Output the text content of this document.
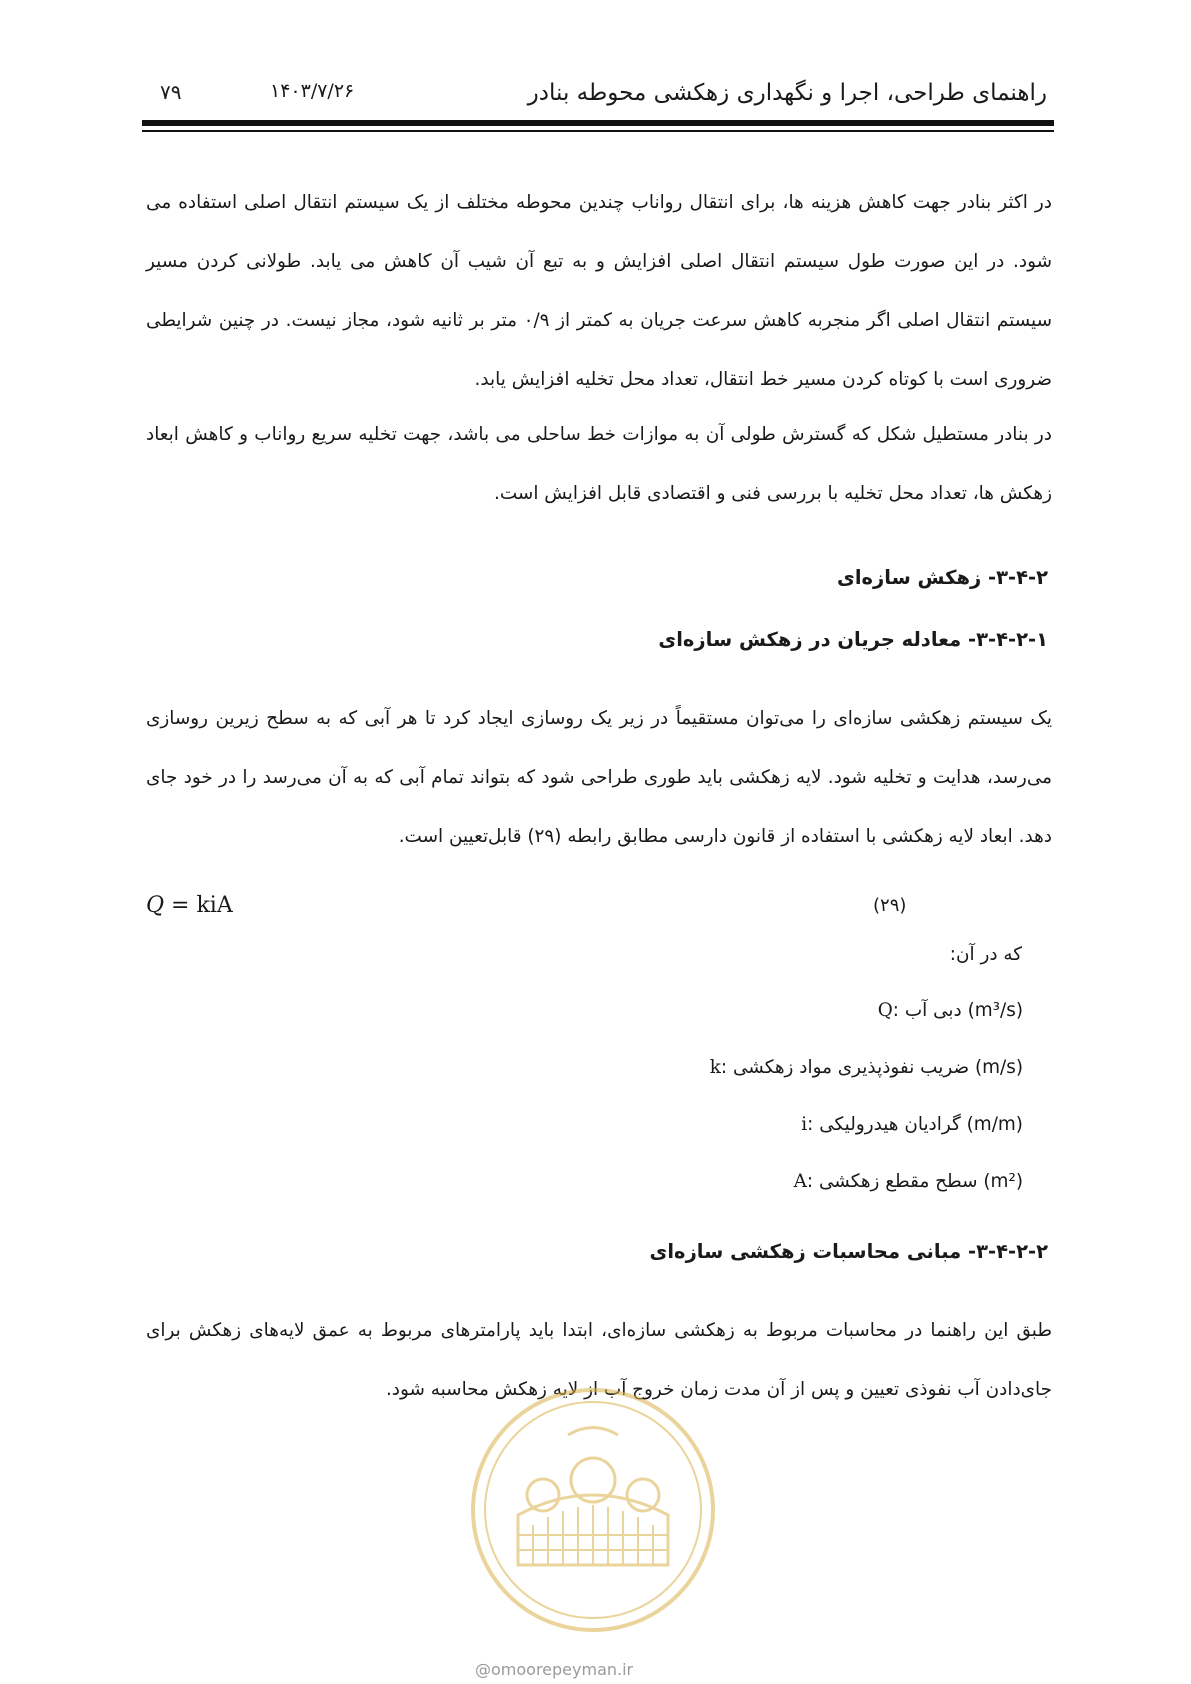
راهنمای طراحی، اجرا و نگهداری زهکشی محوطه بنادر
۱۴۰۳/۷/۲۶
۷۹
در اکثر بنادر جهت کاهش هزینه ها، برای انتقال رواناب چندین محوطه مختلف از یک سیستم انتقال اصلی استفاده می شود. در این صورت طول سیستم انتقال اصلی افزایش و به تبع آن شیب آن کاهش می یابد. طولانی کردن مسیر سیستم انتقال اصلی اگر منجربه کاهش سرعت جریان به کمتر از ۰/۹ متر بر ثانیه شود، مجاز نیست. در چنین شرایطی ضروری است با کوتاه کردن مسیر خط انتقال، تعداد محل تخلیه افزایش یابد.
در بنادر مستطیل شکل که گسترش طولی آن به موازات خط ساحلی می باشد، جهت تخلیه سریع رواناب و کاهش ابعاد زهکش ها، تعداد محل تخلیه با بررسی فنی و اقتصادی قابل افزایش است.
۳-۴-۲- زهکش سازه‌ای
۳-۴-۲-۱- معادله جریان در زهکش سازه‌ای
یک سیستم زهکشی سازه‌ای را می‌توان مستقیماً در زیر یک روسازی ایجاد کرد تا هر آبی که به سطح زیرین روسازی می‌رسد، هدایت و تخلیه شود. لایه زهکشی باید طوری طراحی شود که بتواند تمام آبی که به آن می‌رسد را در خود جای دهد. ابعاد لایه زهکشی با استفاده از قانون دارسی مطابق رابطه (۲۹) قابل‌تعیین است.
Q = kiA	(۲۹)
که در آن:
Q: دبی آب (m³/s)
k: ضریب نفوذپذیری مواد زهکشی (m/s)
i: گرادیان هیدرولیکی (m/m)
A: سطح مقطع زهکشی (m²)
۳-۴-۲-۲- مبانی محاسبات زهکشی سازه‌ای
طبق این راهنما در محاسبات مربوط به زهکشی سازه‌ای، ابتدا باید پارامترهای مربوط به عمق لایه‌های زهکش برای جای‌دادن آب نفوذی تعیین و پس از آن مدت زمان خروج آب از لایه زهکش محاسبه شود.
@omoorepeyman.ir
